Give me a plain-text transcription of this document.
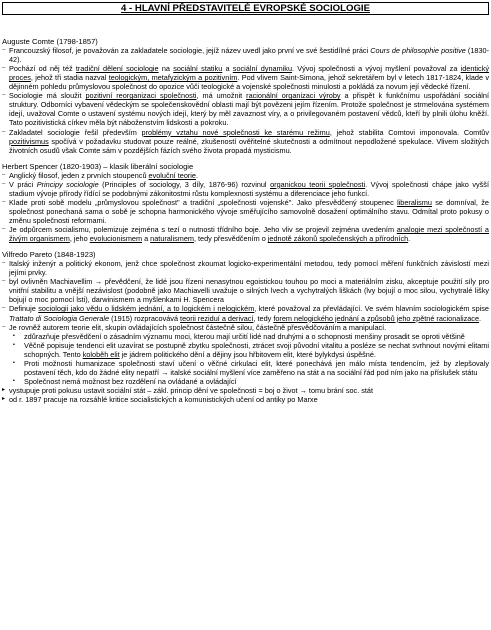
4 - HLAVNÍ PŘEDSTAVITELÉ EVROPSKÉ SOCIOLOGIE
Auguste Comte (1798-1857)
– Francouzský filosof, je považován za zakladatele sociologie, jejíž název uvedl jako první ve své šestidílné práci Cours de philosophie positive (1830-42).
– Pochází od něj též tradiční dělení sociologie na sociální statiku a sociální dynamiku. Vývoj společnosti a vývoj myšlení považoval za identický proces, jehož tři stadia nazval teologickým, metafyzickým a pozitivním. Pod vlivem Saint-Simona, jehož sekretářem byl v letech 1817-1824, klade v dějinném pohledu průmyslovou společnost do opozice vůči teologické a vojenské společnosti minulosti a pokládá za novum její vědecké řízení.
– Sociologie má sloužit pozitivní reorganizaci společnosti, má umožnit racionální organizaci výroby a přispět k funkčnímu uspořádání sociální struktury. Odborníci vybavení vědeckým se společenskovědní oblasti mají být povězeni jejím řízením. Protože společnost je strmelována systémem idejí, uvažoval Comte o ustavení systému nových idejí, který by měl zavaznost víry, a o privilegovaném postavení vědců, kteří by plnili úlohu kněží. Tato pozitivistická církev měla být náboženstvím lidskosti a pokroku.
– Zakladatel sociologie řešil především problémy vztahu nové společnosti ke starému režimu, jehož stabilita Comtovi imponovala. Comtův pozitivismus spočívá v požadavku studovat pouze reálné, zkušeností ověřitelné skutečnosti a odmítnout nepodložené spekulace. Vlivem složitých životních osudů však Comte sám v pozdějších fázích svého života propadá mysticismu.
Herbert Spencer (1820-1903) – klasik liberální sociologie
– Anglický filosof, jeden z prvních stoupenců evoluční teorie.
– V práci Principy sociologie (Principles of sociology, 3 díly, 1876-96) rozvinul organickou teorii společnosti. Vývoj společnosti chápe jako vyšší stadium vývoje přírody řídící se podobnými zákonitostmi růstu komplexnosti systému a diferenciace jeho funkcí.
– Klade proti sobě modelu „průmyslovou společnost" a tradiční „společnosti vojenské". Jako přesvědčený stoupenec liberalismu se domníval, že společnost ponechaná sama o sobě je schopna harmonického vývoje směřujícího samovolně dosažení optimálního stavu. Odmítal proto pokusy o změnu společnosti reformami.
– Je odpůrcem socialismu, polemizuje zejména s tezí o nutnosti třídního boje. Jeho vliv se projevil zejména uvedením analogie mezi společností a živým organismem, jeho evolucionismem a naturalismem, tedy přesvědčením o jednotě zákonů společenských a přírodních.
Vilfredo Pareto (1848-1923)
– Italský inženýr a politický ekonom, jenž chce společnost zkoumat logicko-experimentální metodou, tedy pomocí měření funkčních závislostí mezi jejími prvky.
– byl ovlivněn Machiavellim → převědčení, že lidé jsou řízeni nenasytnou egoistickou touhou po moci a materiálním zisku, akceptuje použití síly pro vnitřní stabilitu a vnější nezávislost (podobně jako Machiavelli uvažuje o silných lvech a vychytralých liškách (lvy bojují o moc silou, vychytralé lišky bojují o moc pomocí lsti), darwinismem a myšlenkami H. Spencera
– Definuje sociologii jako vědu o lidském jednání, a to logickém i nelogickém, které považoval za převládající. Ve svém hlavním sociologickém spise Trattato di Sociologia Generale (1915) rozpracovává teorii reziduí a derivací, tedy forem nelogického jednání a způsobů jeho zpětné racionalizace.
– Je rovněž autorem teorie elit, skupin ovládajících společnost částečně silou, částečně přesvědčováním a manipulací.
▪ zdůrazňuje přesvědčení o zásadním významu moci, kterou mají určití lidé nad druhými a o schopnosti menšiny prosadit se oproti většině
▪ Věčně popisuje tendenci elit uzavírat se postupně zbytku společnosti, ztrácet svoji původní vitalitu a posléze se nechat svrhnout novými elitami schopných. Tento koloběh elit je jádrem politického dění a dějiny jsou hřbitovem elit, které bylykdysi úspěšné.
▪ Proti možnosti humanizace společnosti staví učení o věčné cirkulaci elit, které ponechává jen málo místa tendencím, jež by zlepšovaly postavení těch, kdo do žádné elity nepatří → italské sociální myšlení více zaměřeno na stát a na sociální řád pod ním jako na příslušek státu
▪ Společnost nemá možnost bez rozdělení na ovládané a ovládající
▸ vystupuje proti pokusu ustavit sociální stát – zákl. princip dění ve společnosti = boj o život → tomu brání soc. stát
▸ od r. 1897 pracuje na rozsáhlé kritice socialistických a komunistických učení od antiky po Marxe
